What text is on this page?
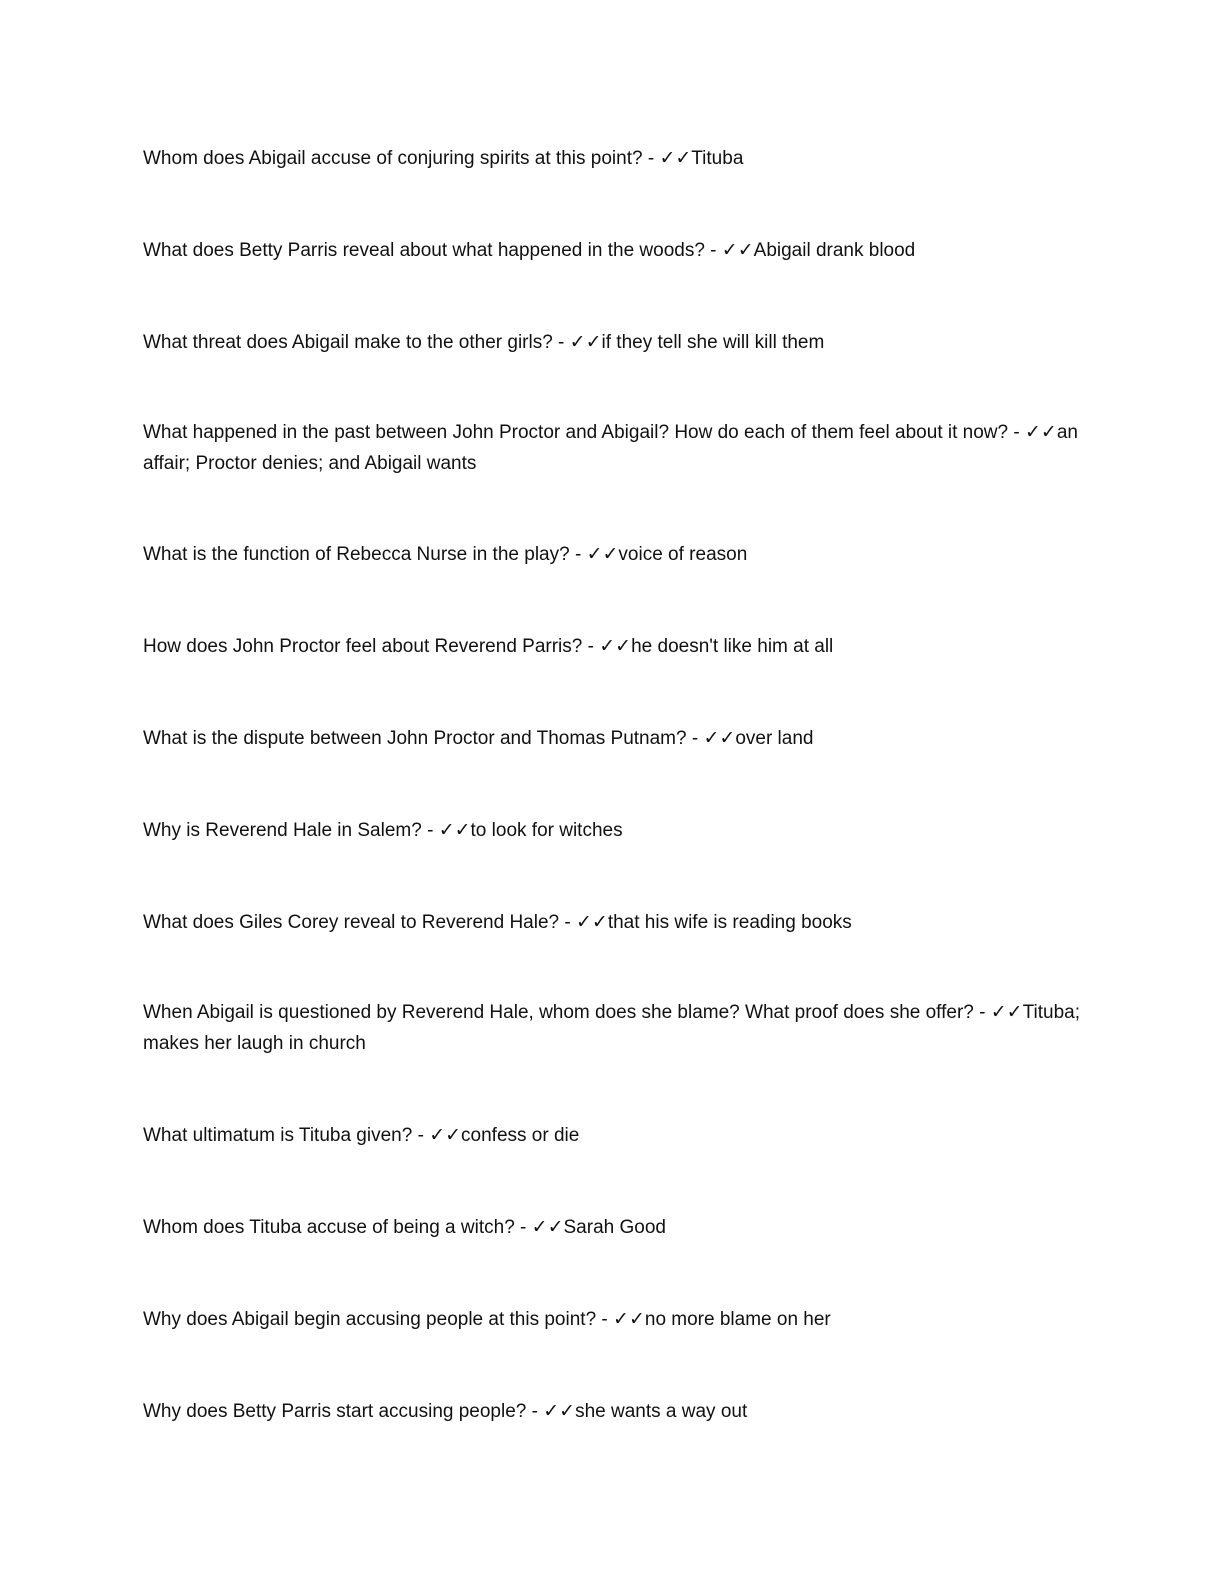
Whom does Abigail accuse of conjuring spirits at this point? - ✓✓Tituba

What does Betty Parris reveal about what happened in the woods? - ✓✓Abigail drank blood

What threat does Abigail make to the other girls? - ✓✓if they tell she will kill them

What happened in the past between John Proctor and Abigail? How do each of them feel about it now? - ✓✓an affair; Proctor denies; and Abigail wants

What is the function of Rebecca Nurse in the play? - ✓✓voice of reason

How does John Proctor feel about Reverend Parris? - ✓✓he doesn't like him at all

What is the dispute between John Proctor and Thomas Putnam? - ✓✓over land

Why is Reverend Hale in Salem? - ✓✓to look for witches

What does Giles Corey reveal to Reverend Hale? - ✓✓that his wife is reading books

When Abigail is questioned by Reverend Hale, whom does she blame? What proof does she offer? - ✓✓Tituba; makes her laugh in church

What ultimatum is Tituba given? - ✓✓confess or die

Whom does Tituba accuse of being a witch? - ✓✓Sarah Good

Why does Abigail begin accusing people at this point? - ✓✓no more blame on her

Why does Betty Parris start accusing people? - ✓✓she wants a way out
